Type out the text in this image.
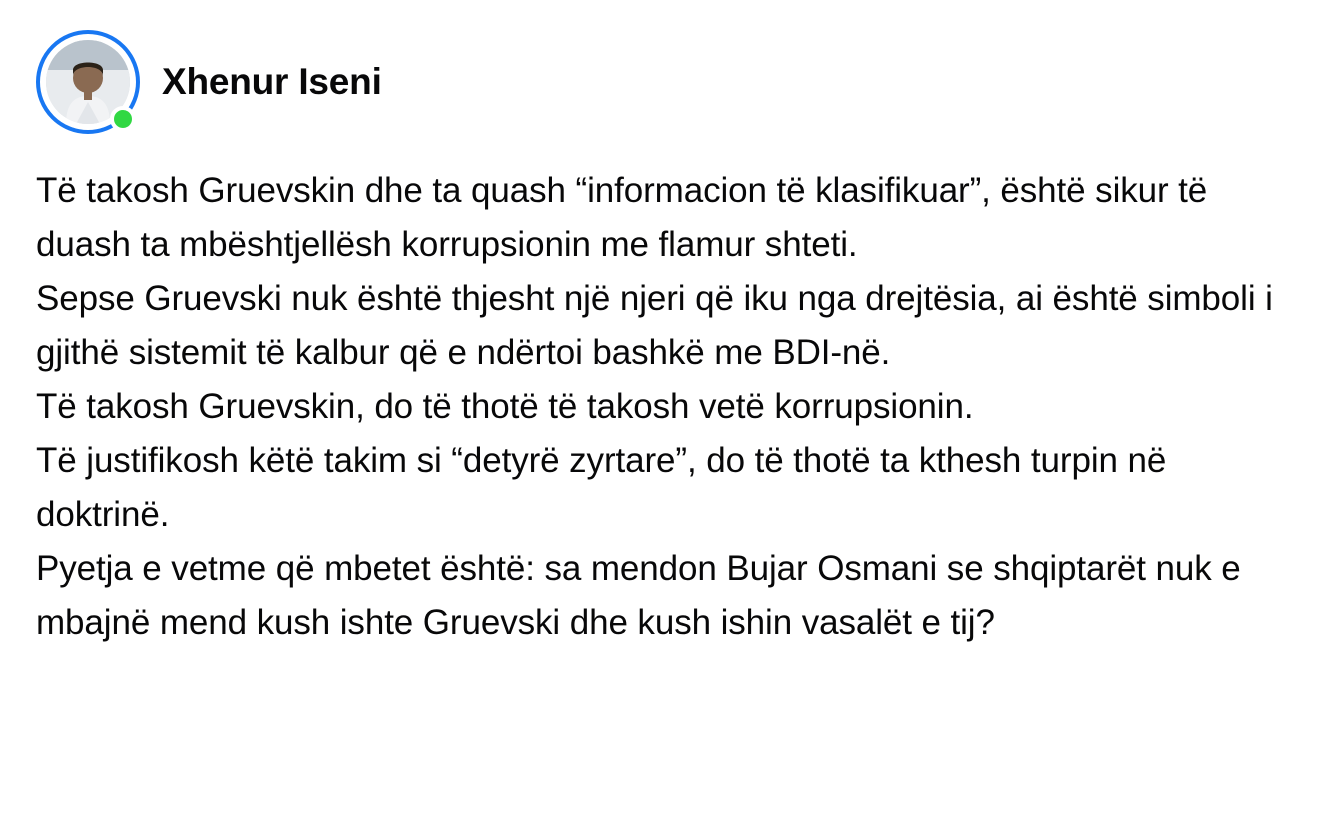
Xhenur Iseni

Të takosh Gruevskin dhe ta quash “informacion të klasifikuar”, është sikur të duash ta mbështjellësh korrupsionin me flamur shteti.

Sepse Gruevski nuk është thjesht një njeri që iku nga drejtësia, ai është simboli i gjithë sistemit të kalbur që e ndërtoi bashkë me BDI-në.

Të takosh Gruevskin, do të thotë të takosh vetë korrupsionin.

Të justifikosh këtë takim si “detyrë zyrtare”, do të thotë ta kthesh turpin në doktrinë.

Pyetja e vetme që mbetet është: sa mendon Bujar Osmani se shqiptarët nuk e mbajnë mend kush ishte Gruevski dhe kush ishin vasalët e tij?
